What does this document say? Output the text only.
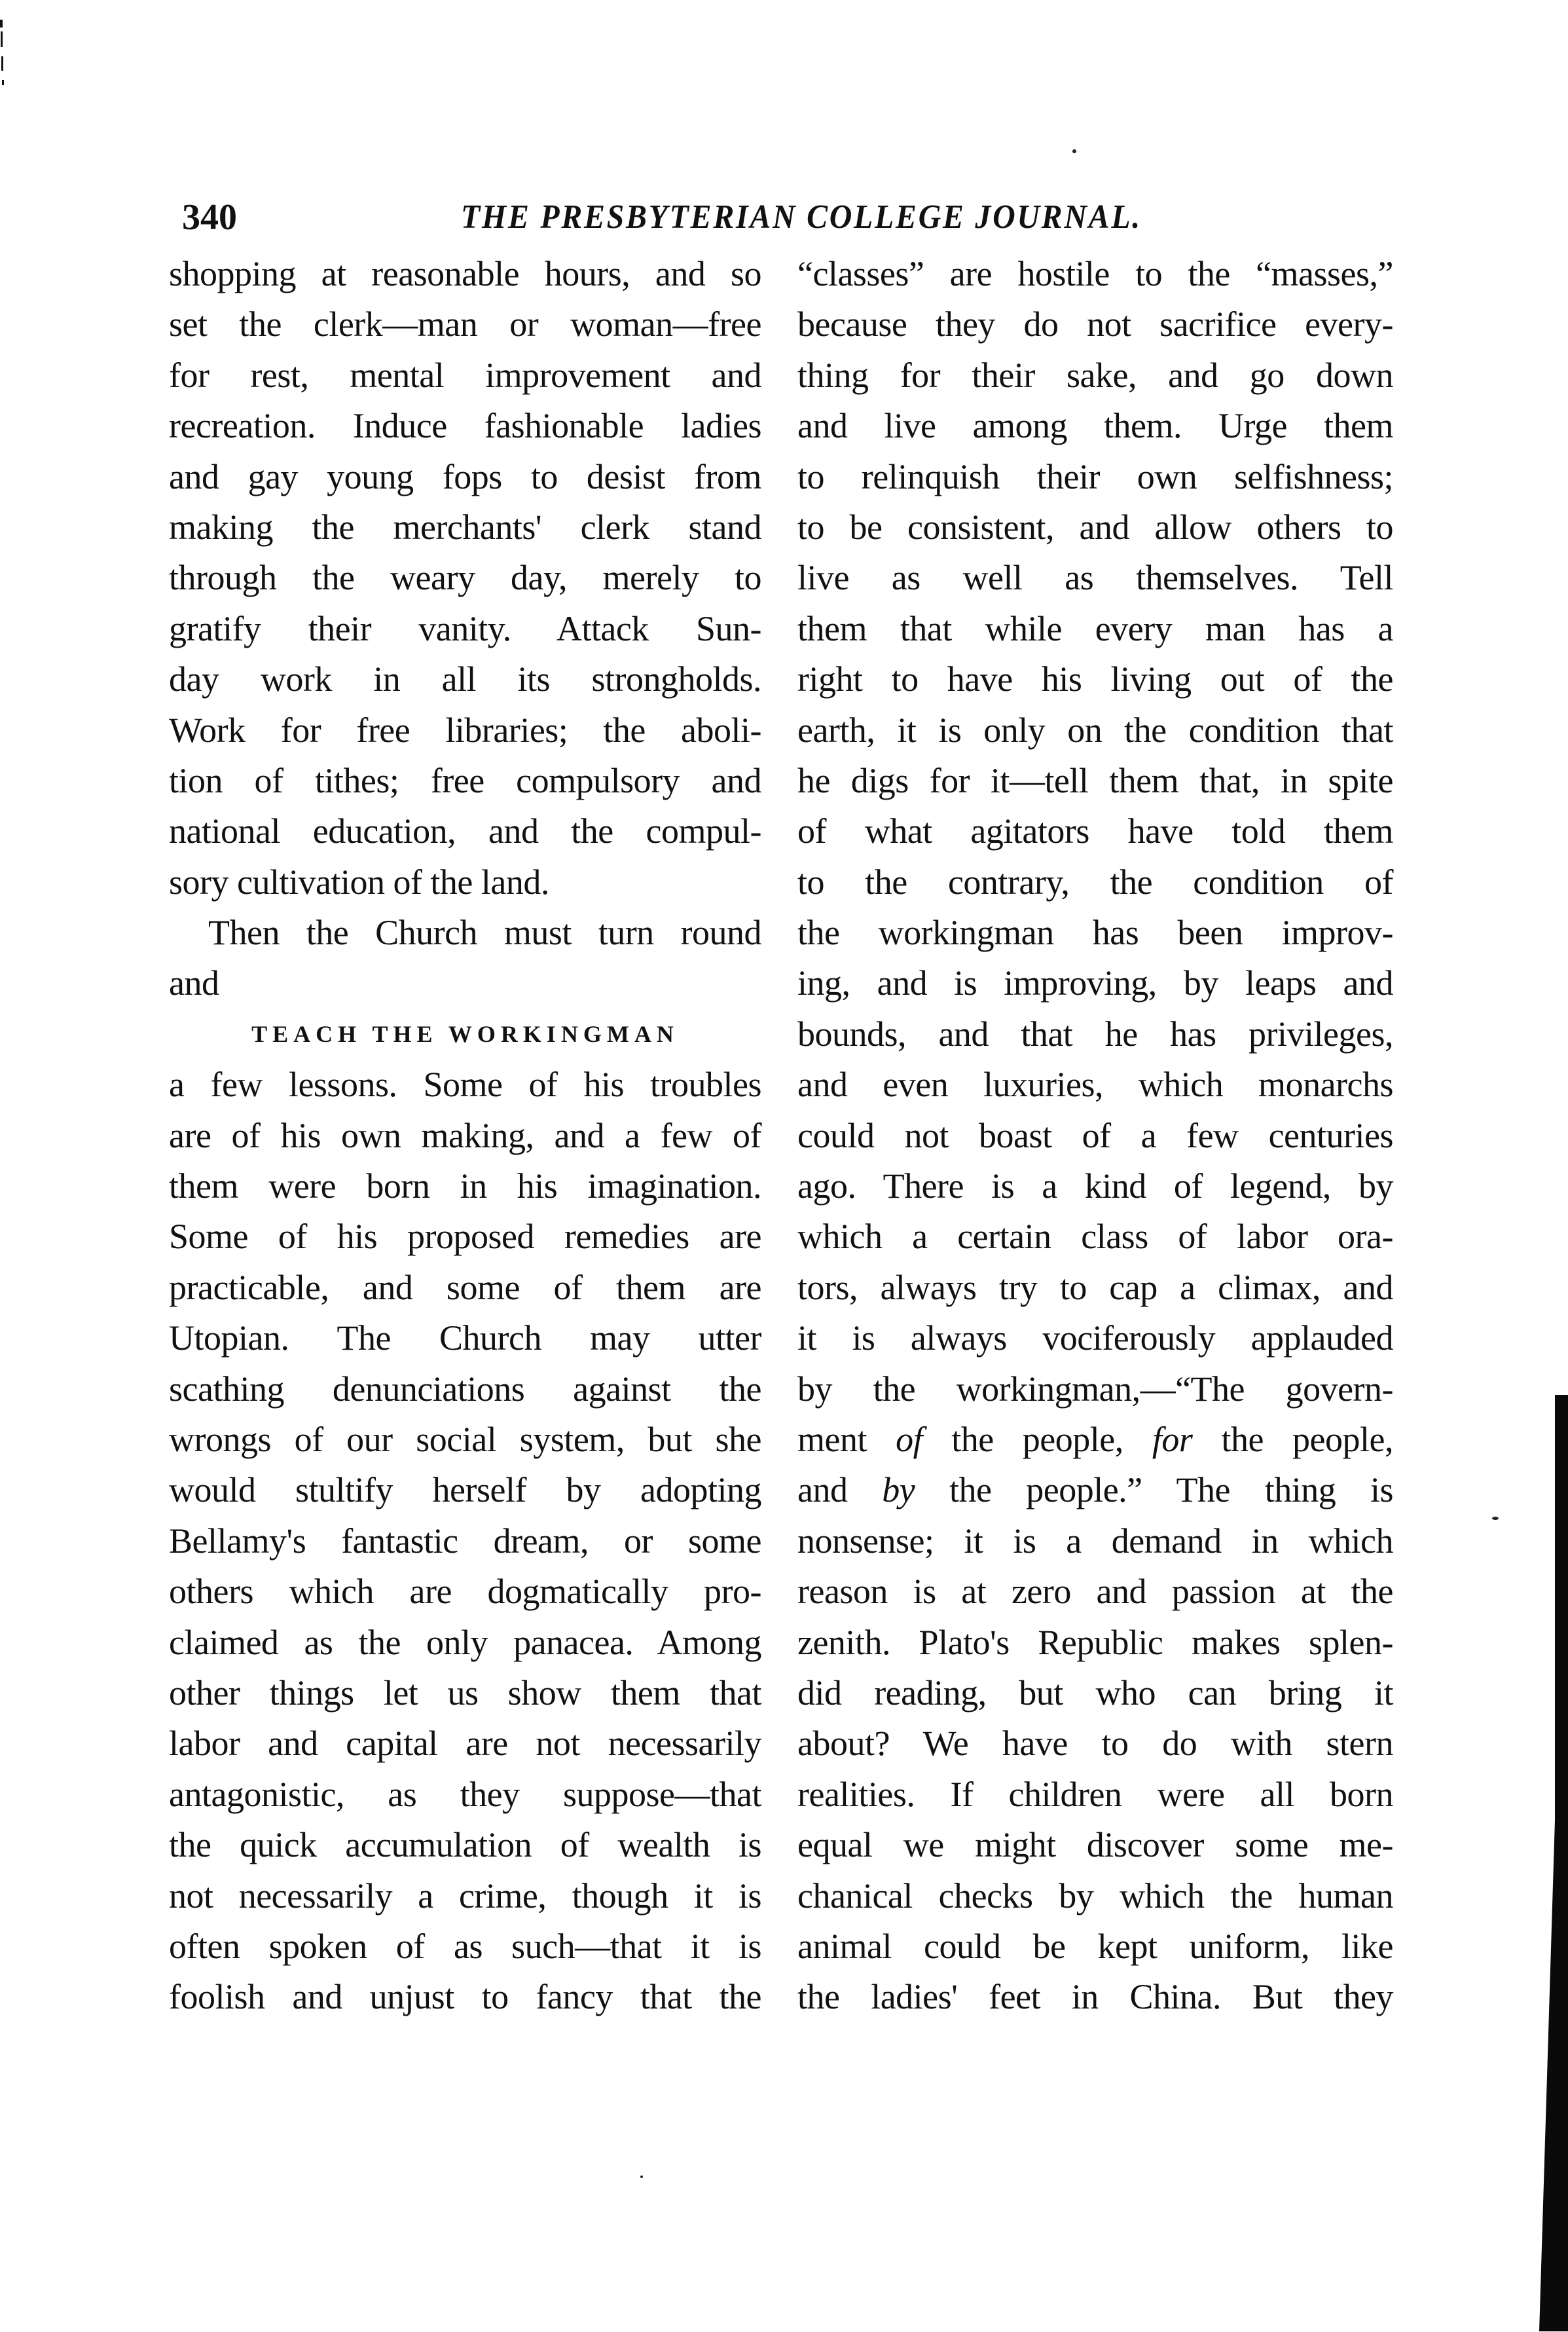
340	THE PRESBYTERIAN COLLEGE JOURNAL.
shopping at reasonable hours, and so
set the clerk—man or woman—free
for rest, mental improvement and
recreation. Induce fashionable ladies
and gay young fops to desist from
making the merchants' clerk stand
through the weary day, merely to
gratify their vanity. Attack Sun-
day work in all its strongholds.
Work for free libraries; the aboli-
tion of tithes; free compulsory and
national education, and the compul-
sory cultivation of the land.
Then the Church must turn round
and
TEACH THE WORKINGMAN
a few lessons. Some of his troubles
are of his own making, and a few of
them were born in his imagination.
Some of his proposed remedies are
practicable, and some of them are
Utopian. The Church may utter
scathing denunciations against the
wrongs of our social system, but she
would stultify herself by adopting
Bellamy's fantastic dream, or some
others which are dogmatically pro-
claimed as the only panacea. Among
other things let us show them that
labor and capital are not necessarily
antagonistic, as they suppose—that
the quick accumulation of wealth is
not necessarily a crime, though it is
often spoken of as such—that it is
foolish and unjust to fancy that the
“classes” are hostile to the “masses,”
because they do not sacrifice every-
thing for their sake, and go down
and live among them. Urge them
to relinquish their own selfishness;
to be consistent, and allow others to
live as well as themselves. Tell
them that while every man has a
right to have his living out of the
earth, it is only on the condition that
he digs for it—tell them that, in spite
of what agitators have told them
to the contrary, the condition of
the workingman has been improv-
ing, and is improving, by leaps and
bounds, and that he has privileges,
and even luxuries, which monarchs
could not boast of a few centuries
ago. There is a kind of legend, by
which a certain class of labor ora-
tors, always try to cap a climax, and
it is always vociferously applauded
by the workingman,—“The govern-
ment of the people, for the people,
and by the people.” The thing is
nonsense; it is a demand in which
reason is at zero and passion at the
zenith. Plato's Republic makes splen-
did reading, but who can bring it
about? We have to do with stern
realities. If children were all born
equal we might discover some me-
chanical checks by which the human
animal could be kept uniform, like
the ladies' feet in China. But they
